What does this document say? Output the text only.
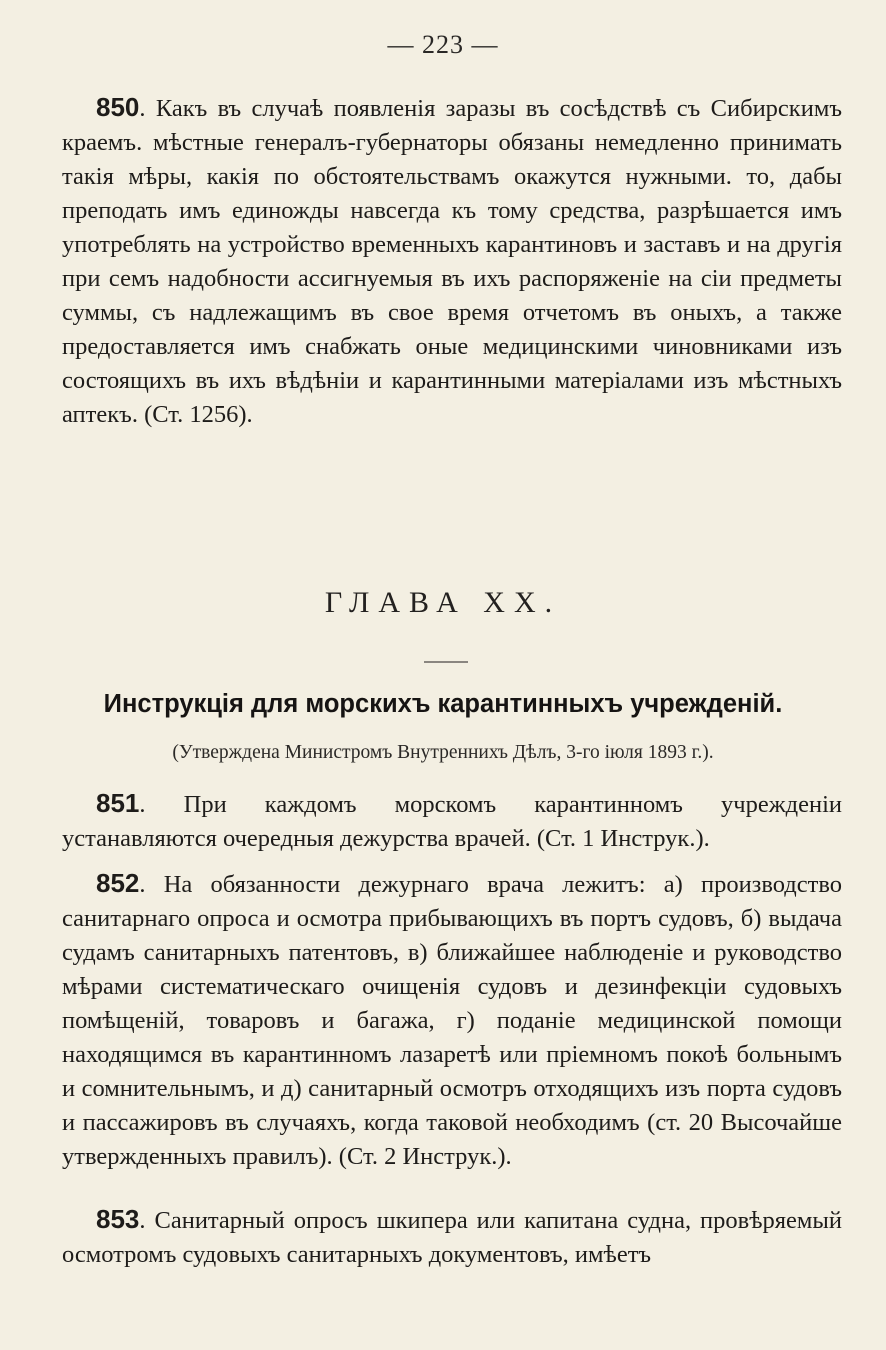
— 223 —

850. Какъ въ случаѣ появленія заразы въ сосѣдствѣ съ Сибирскимъ краемъ. мѣстные генералъ-губернаторы обязаны немедленно принимать такія мѣры, какія по обстоятельствамъ окажутся нужными. то, дабы преподать имъ единожды навсегда къ тому средства, разрѣшается имъ употреблять на устройство временныхъ карантиновъ и заставъ и на другія при семъ надобности ассигнуемыя въ ихъ распоряженіе на сіи предметы суммы, съ надлежащимъ въ свое время отчетомъ въ оныхъ, а также предоставляется имъ снабжать оные медицинскими чиновниками изъ состоящихъ въ ихъ вѣдѣніи и карантинными матеріалами изъ мѣстныхъ аптекъ. (Ст. 1256).

ГЛАВА XX.
Инструкція для морскихъ карантинныхъ учрежденій.
(Утверждена Министромъ Внутреннихъ Дѣлъ, 3-го іюля 1893 г.).

851. При каждомъ морскомъ карантинномъ учрежденіи устанавляются очередныя дежурства врачей. (Ст. 1 Инструк.).

852. На обязанности дежурнаго врача лежитъ: а) производство санитарнаго опроса и осмотра прибывающихъ въ портъ судовъ, б) выдача судамъ санитарныхъ патентовъ, в) ближайшее наблюденіе и руководство мѣрами систематическаго очищенія судовъ и дезинфекціи судовыхъ помѣщеній, товаровъ и багажа, г) поданіе медицинской помощи находящимся въ карантинномъ лазаретѣ или пріемномъ покоѣ больнымъ и сомнительнымъ, и д) санитарный осмотръ отходящихъ изъ порта судовъ и пассажировъ въ случаяхъ, когда таковой необходимъ (ст. 20 Высочайше утвержденныхъ правилъ). (Ст. 2 Инструк.).

853. Санитарный опросъ шкипера или капитана судна, провѣряемый осмотромъ судовыхъ санитарныхъ документовъ, имѣетъ
